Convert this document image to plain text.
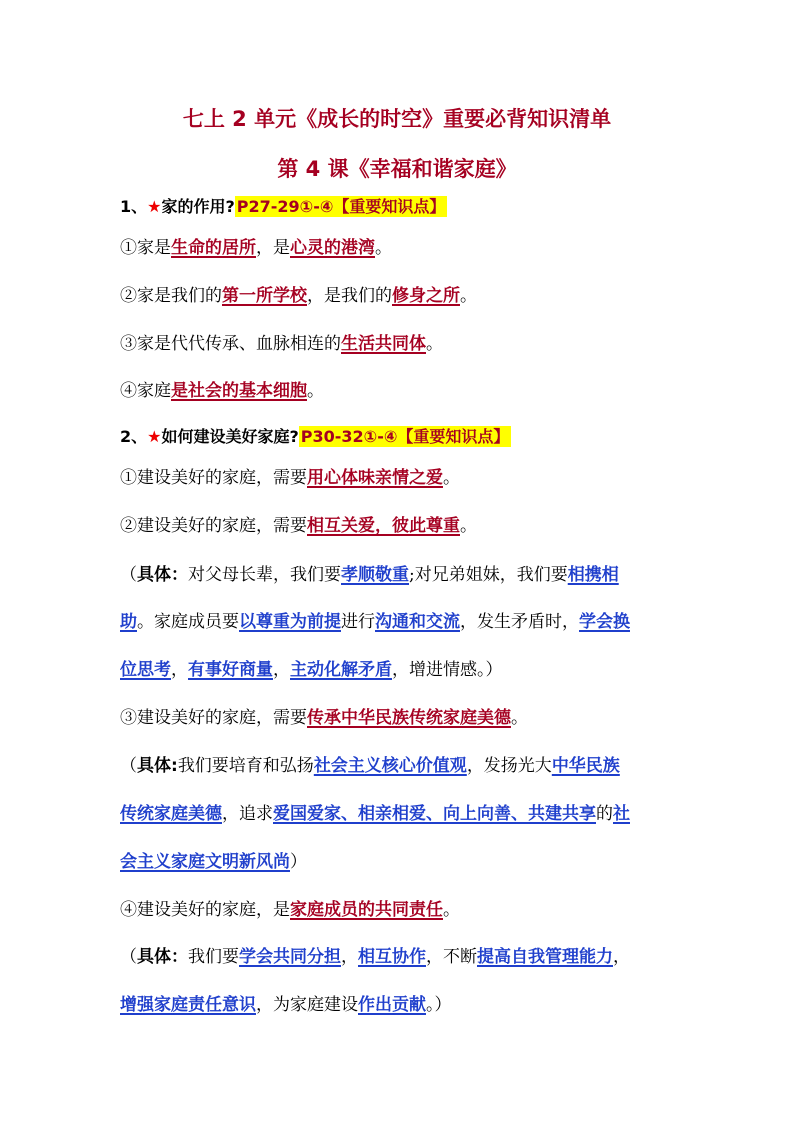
七上 2 单元《成长的时空》重要必背知识清单
第 4 课《幸福和谐家庭》
1、★家的作用? P27-29①-④【重要知识点】
①家是生命的居所，是心灵的港湾。
②家是我们的第一所学校，是我们的修身之所。
③家是代代传承、血脉相连的生活共同体。
④家庭是社会的基本细胞。
2、★如何建设美好家庭? P30-32①-④【重要知识点】
①建设美好的家庭，需要用心体味亲情之爱。
②建设美好的家庭，需要相互关爱，彼此尊重。
（具体：对父母长辈，我们要孝顺敬重;对兄弟姐妹，我们要相携相
助。家庭成员要以尊重为前提进行沟通和交流，发生矛盾时，学会换
位思考，有事好商量，主动化解矛盾，增进情感。）
③建设美好的家庭，需要传承中华民族传统家庭美德。
（具体:我们要培育和弘扬社会主义核心价值观，发扬光大中华民族
传统家庭美德，追求爱国爱家、相亲相爱、向上向善、共建共享的社
会主义家庭文明新风尚）
④建设美好的家庭，是家庭成员的共同责任。
（具体：我们要学会共同分担，相互协作，不断提高自我管理能力，
增强家庭责任意识，为家庭建设作出贡献。）
